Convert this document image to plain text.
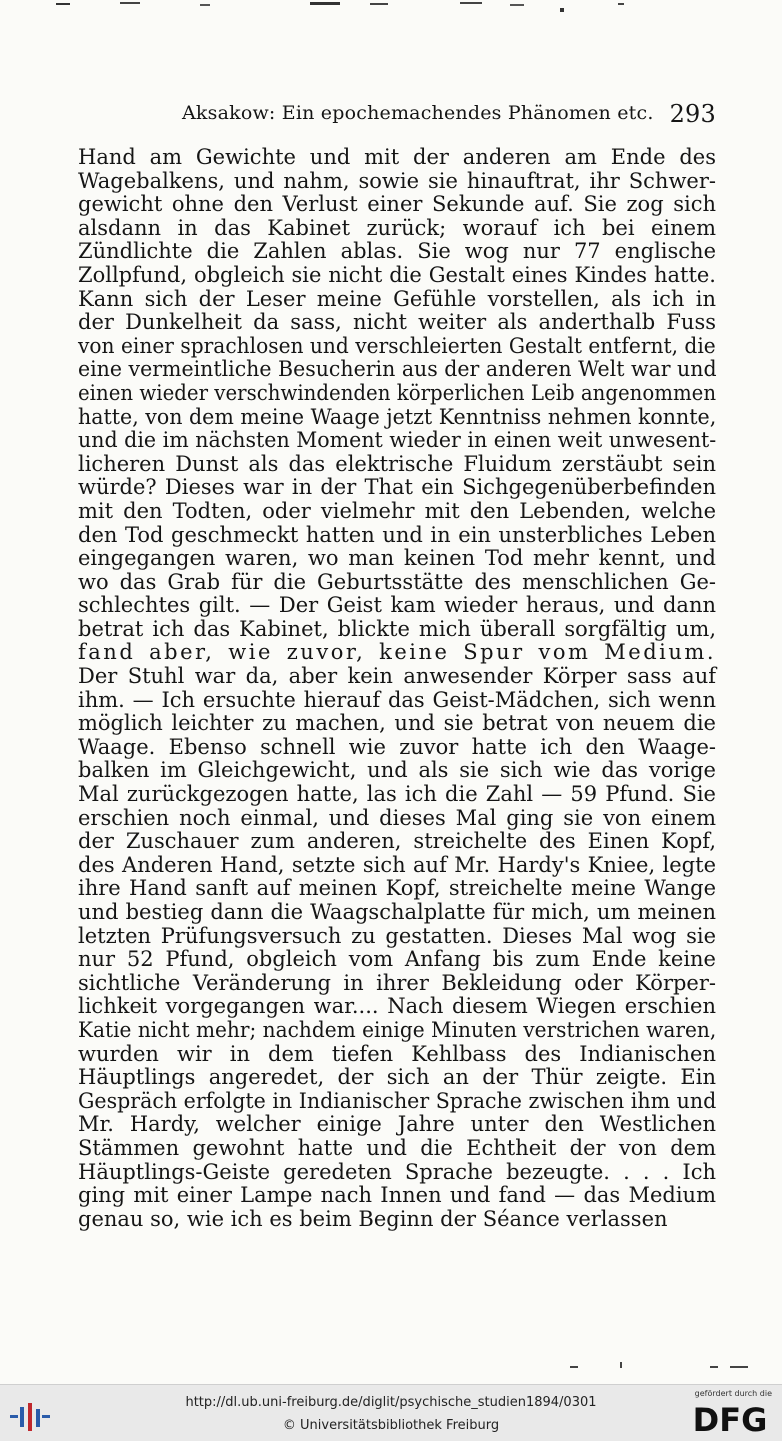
Aksakow: Ein epochemachendes Phänomen etc. 293
Hand am Gewichte und mit der anderen am Ende des
Wagebalkens, und nahm, sowie sie hinauftrat, ihr Schwer-
gewicht ohne den Verlust einer Sekunde auf. Sie zog sich
alsdann in das Kabinet zurück; worauf ich bei einem
Zündlichte die Zahlen ablas. Sie wog nur 77 englische
Zollpfund, obgleich sie nicht die Gestalt eines Kindes hatte.
Kann sich der Leser meine Gefühle vorstellen, als ich in
der Dunkelheit da sass, nicht weiter als anderthalb Fuss
von einer sprachlosen und verschleierten Gestalt entfernt, die
eine vermeintliche Besucherin aus der anderen Welt war und
einen wieder verschwindenden körperlichen Leib angenommen
hatte, von dem meine Waage jetzt Kenntniss nehmen konnte,
und die im nächsten Moment wieder in einen weit unwesent-
licheren Dunst als das elektrische Fluidum zerstäubt sein
würde? Dieses war in der That ein Sichgegenüberbefinden
mit den Todten, oder vielmehr mit den Lebenden, welche
den Tod geschmeckt hatten und in ein unsterbliches Leben
eingegangen waren, wo man keinen Tod mehr kennt, und
wo das Grab für die Geburtsstätte des menschlichen Ge-
schlechtes gilt. — Der Geist kam wieder heraus, und dann
betrat ich das Kabinet, blickte mich überall sorgfältig um,
fand aber, wie zuvor, keine Spur vom Medium.
Der Stuhl war da, aber kein anwesender Körper sass auf
ihm. — Ich ersuchte hierauf das Geist-Mädchen, sich wenn
möglich leichter zu machen, und sie betrat von neuem die
Waage. Ebenso schnell wie zuvor hatte ich den Waage-
balken im Gleichgewicht, und als sie sich wie das vorige
Mal zurückgezogen hatte, las ich die Zahl — 59 Pfund. Sie
erschien noch einmal, und dieses Mal ging sie von einem
der Zuschauer zum anderen, streichelte des Einen Kopf,
des Anderen Hand, setzte sich auf Mr. Hardy's Kniee, legte
ihre Hand sanft auf meinen Kopf, streichelte meine Wange
und bestieg dann die Waagschalplatte für mich, um meinen
letzten Prüfungsversuch zu gestatten. Dieses Mal wog sie
nur 52 Pfund, obgleich vom Anfang bis zum Ende keine
sichtliche Veränderung in ihrer Bekleidung oder Körper-
lichkeit vorgegangen war.... Nach diesem Wiegen erschien
Katie nicht mehr; nachdem einige Minuten verstrichen waren,
wurden wir in dem tiefen Kehlbass des Indianischen
Häuptlings angeredet, der sich an der Thür zeigte. Ein
Gespräch erfolgte in Indianischer Sprache zwischen ihm und
Mr. Hardy, welcher einige Jahre unter den Westlichen
Stämmen gewohnt hatte und die Echtheit der von dem
Häuptlings-Geiste geredeten Sprache bezeugte. . . . Ich
ging mit einer Lampe nach Innen und fand — das Medium
genau so, wie ich es beim Beginn der Séance verlassen
http://dl.ub.uni-freiburg.de/diglit/psychische_studien1894/0301
© Universitätsbibliothek Freiburg
gefördert durch die
DFG
